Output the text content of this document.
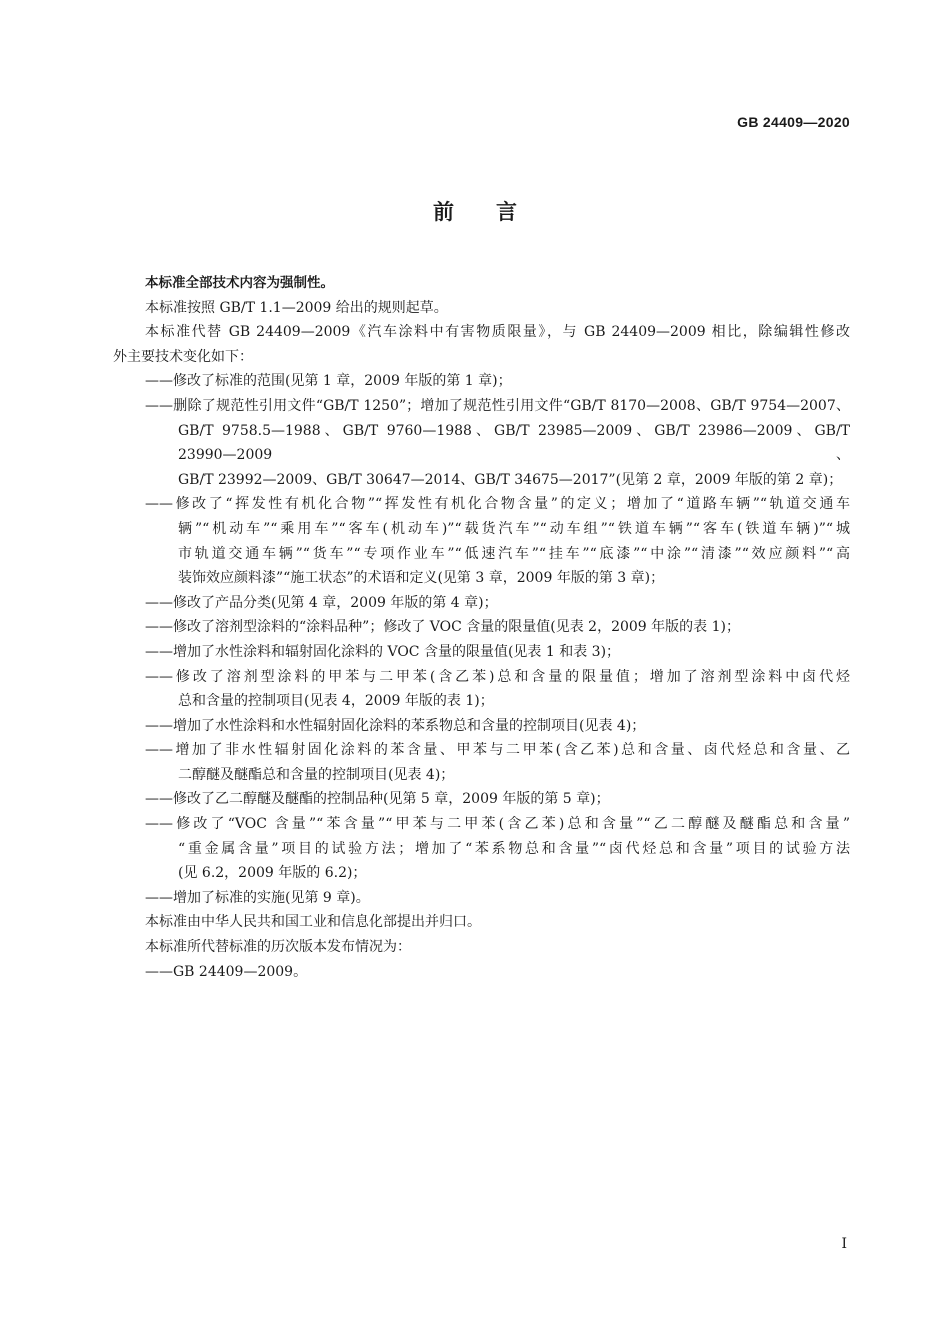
GB 24409—2020
前言
本标准全部技术内容为强制性。
本标准按照 GB/T 1.1—2009 给出的规则起草。
本标准代替 GB 24409—2009《汽车涂料中有害物质限量》，与 GB 24409—2009 相比，除编辑性修改
外主要技术变化如下：
——修改了标准的范围(见第 1 章，2009 年版的第 1 章)；
——删除了规范性引用文件“GB/T 1250”；增加了规范性引用文件“GB/T 8170—2008、GB/T 9754—2007、
GB/T 9758.5—1988、GB/T 9760—1988、GB/T 23985—2009、GB/T 23986—2009、GB/T 23990—2009、
GB/T 23992—2009、GB/T 30647—2014、GB/T 34675—2017”(见第 2 章，2009 年版的第 2 章)；
——修改了“挥发性有机化合物”“挥发性有机化合物含量”的定义；增加了“道路车辆”“轨道交通车
辆”“机动车”“乘用车”“客车(机动车)”“载货汽车”“动车组”“铁道车辆”“客车(铁道车辆)”“城
市轨道交通车辆”“货车”“专项作业车”“低速汽车”“挂车”“底漆”“中涂”“清漆”“效应颜料”“高
装饰效应颜料漆”“施工状态”的术语和定义(见第 3 章，2009 年版的第 3 章)；
——修改了产品分类(见第 4 章，2009 年版的第 4 章)；
——修改了溶剂型涂料的“涂料品种”；修改了 VOC 含量的限量值(见表 2，2009 年版的表 1)；
——增加了水性涂料和辐射固化涂料的 VOC 含量的限量值(见表 1 和表 3)；
——修改了溶剂型涂料的甲苯与二甲苯(含乙苯)总和含量的限量值；增加了溶剂型涂料中卤代烃
总和含量的控制项目(见表 4，2009 年版的表 1)；
——增加了水性涂料和水性辐射固化涂料的苯系物总和含量的控制项目(见表 4)；
——增加了非水性辐射固化涂料的苯含量、甲苯与二甲苯(含乙苯)总和含量、卤代烃总和含量、乙
二醇醚及醚酯总和含量的控制项目(见表 4)；
——修改了乙二醇醚及醚酯的控制品种(见第 5 章，2009 年版的第 5 章)；
——修改了“VOC 含量”“苯含量”“甲苯与二甲苯(含乙苯)总和含量”“乙二醇醚及醚酯总和含量”
“重金属含量”项目的试验方法；增加了“苯系物总和含量”“卤代烃总和含量”项目的试验方法
(见 6.2，2009 年版的 6.2)；
——增加了标准的实施(见第 9 章)。
本标准由中华人民共和国工业和信息化部提出并归口。
本标准所代替标准的历次版本发布情况为：
——GB 24409—2009。
I
